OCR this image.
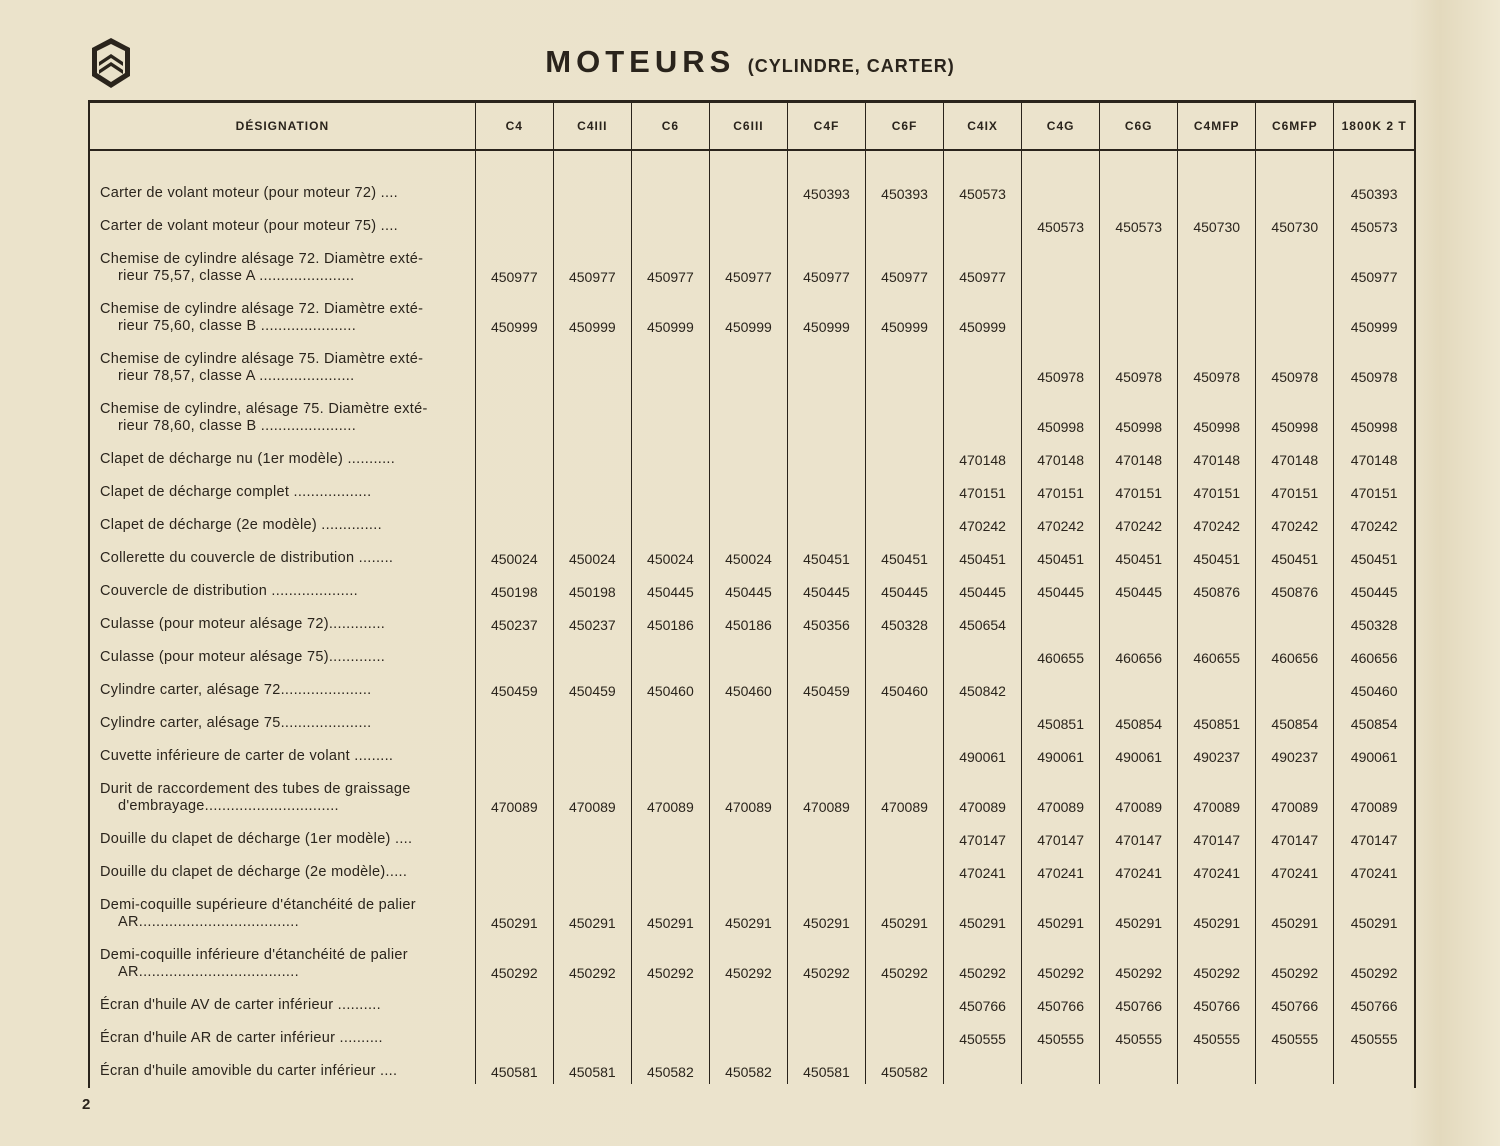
MOTEURS (CYLINDRE, CARTER)
DÉSIGNATION	C4	C4III	C6	C6III	C4F	C6F	C4IX	C4G	C6G	C4MFP	C6MFP	1800K 2 T

Carter de volant moteur (pour moteur 72) ....					450393	450393	450573					450393

Carter de volant moteur (pour moteur 75) ....								450573	450573	450730	450730	450573

Chemise de cylindre alésage 72. Diamètre exté-
rieur 75,57, classe A ......................	450977	450977	450977	450977	450977	450977	450977					450977

Chemise de cylindre alésage 72. Diamètre exté-
rieur 75,60, classe B ......................	450999	450999	450999	450999	450999	450999	450999					450999

Chemise de cylindre alésage 75. Diamètre exté-
rieur 78,57, classe A ......................								450978	450978	450978	450978	450978

Chemise de cylindre, alésage 75. Diamètre exté-
rieur 78,60, classe B ......................								450998	450998	450998	450998	450998

Clapet de décharge nu (1er modèle) ...........							470148	470148	470148	470148	470148	470148

Clapet de décharge complet ..................							470151	470151	470151	470151	470151	470151

Clapet de décharge (2e modèle) ..............							470242	470242	470242	470242	470242	470242

Collerette du couvercle de distribution ........	450024	450024	450024	450024	450451	450451	450451	450451	450451	450451	450451	450451

Couvercle de distribution ....................	450198	450198	450445	450445	450445	450445	450445	450445	450445	450876	450876	450445

Culasse (pour moteur alésage 72).............	450237	450237	450186	450186	450356	450328	450654					450328

Culasse (pour moteur alésage 75).............								460655	460656	460655	460656	460656

Cylindre carter, alésage 72.....................	450459	450459	450460	450460	450459	450460	450842					450460

Cylindre carter, alésage 75.....................								450851	450854	450851	450854	450854

Cuvette inférieure de carter de volant .........							490061	490061	490061	490237	490237	490061

Durit de raccordement des tubes de graissage
d'embrayage...............................	470089	470089	470089	470089	470089	470089	470089	470089	470089	470089	470089	470089

Douille du clapet de décharge (1er modèle) ....							470147	470147	470147	470147	470147	470147

Douille du clapet de décharge (2e modèle).....							470241	470241	470241	470241	470241	470241

Demi-coquille supérieure d'étanchéité de palier
AR.....................................	450291	450291	450291	450291	450291	450291	450291	450291	450291	450291	450291	450291

Demi-coquille inférieure d'étanchéité de palier
AR.....................................	450292	450292	450292	450292	450292	450292	450292	450292	450292	450292	450292	450292

Écran d'huile AV de carter inférieur ..........							450766	450766	450766	450766	450766	450766

Écran d'huile AR de carter inférieur ..........							450555	450555	450555	450555	450555	450555

Écran d'huile amovible du carter inférieur ....	450581	450581	450582	450582	450581	450582						
2
